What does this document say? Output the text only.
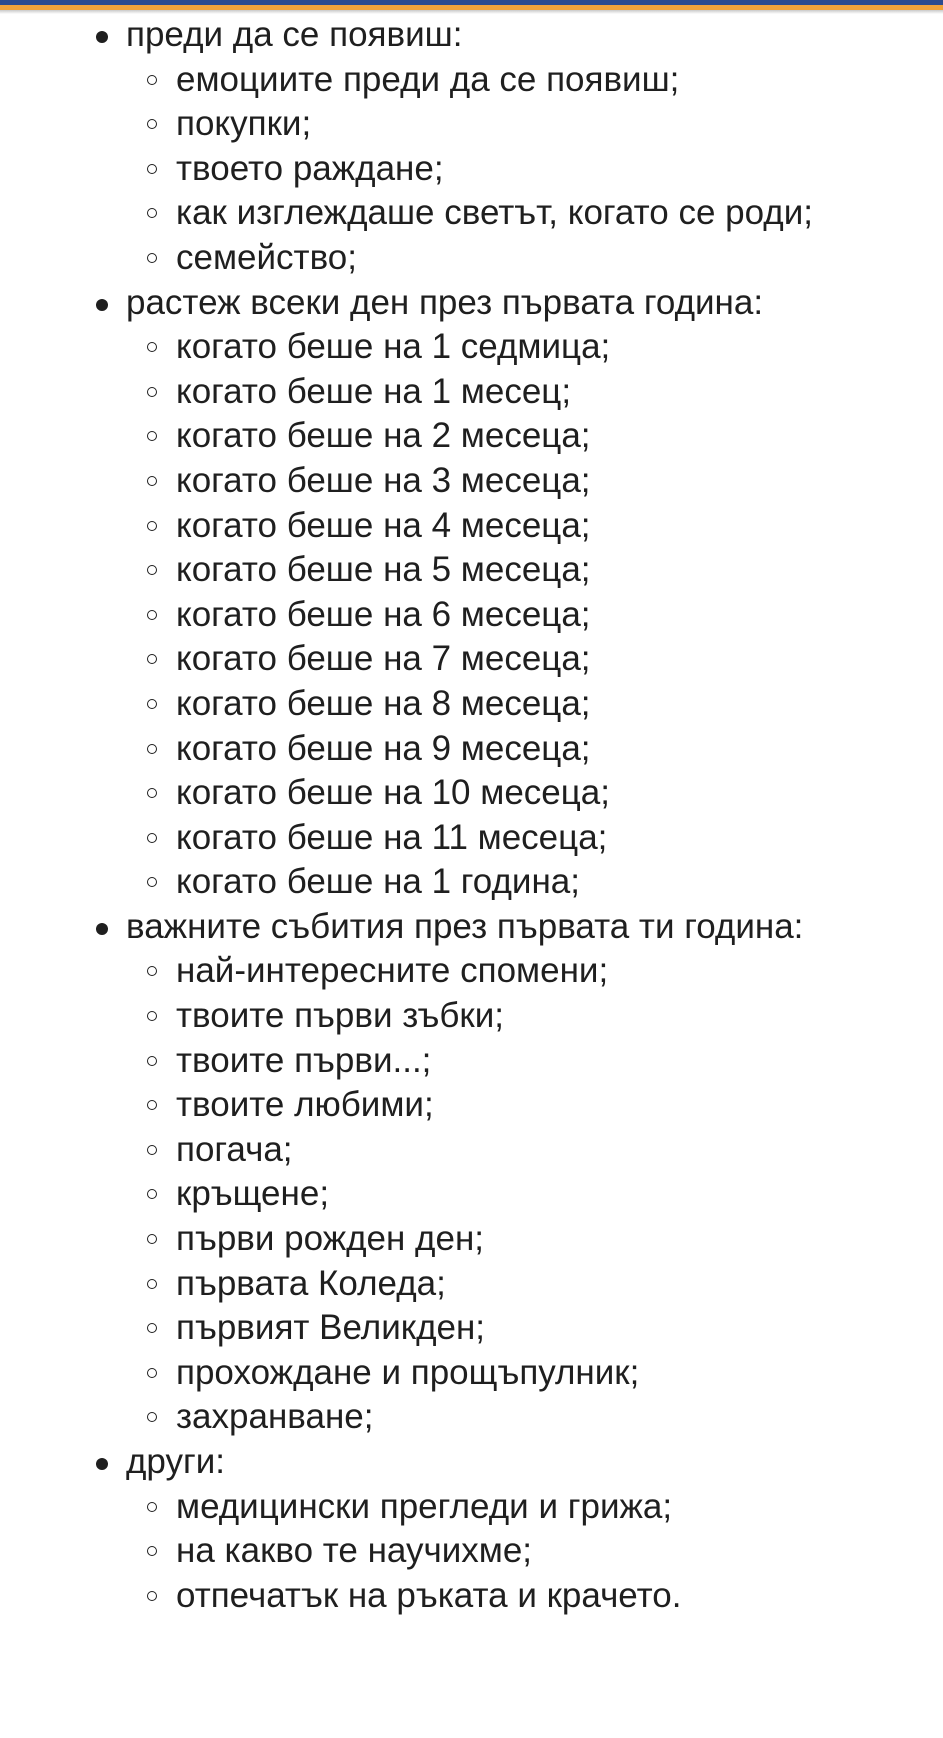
преди да се появиш:
емоциите преди да се появиш;
покупки;
твоето раждане;
как изглеждаше светът, когато се роди;
семейство;
растеж всеки ден през първата година:
когато беше на 1 седмица;
когато беше на 1 месец;
когато беше на 2 месеца;
когато беше на 3 месеца;
когато беше на 4 месеца;
когато беше на 5 месеца;
когато беше на 6 месеца;
когато беше на 7 месеца;
когато беше на 8 месеца;
когато беше на 9 месеца;
когато беше на 10 месеца;
когато беше на 11 месеца;
когато беше на 1 година;
важните събития през първата ти година:
най-интересните спомени;
твоите първи зъбки;
твоите първи...;
твоите любими;
погача;
кръщене;
първи рожден ден;
първата Коледа;
първият Великден;
прохождане и прощъпулник;
захранване;
други:
медицински прегледи и грижа;
на какво те научихме;
отпечатък на ръката и крачето.
